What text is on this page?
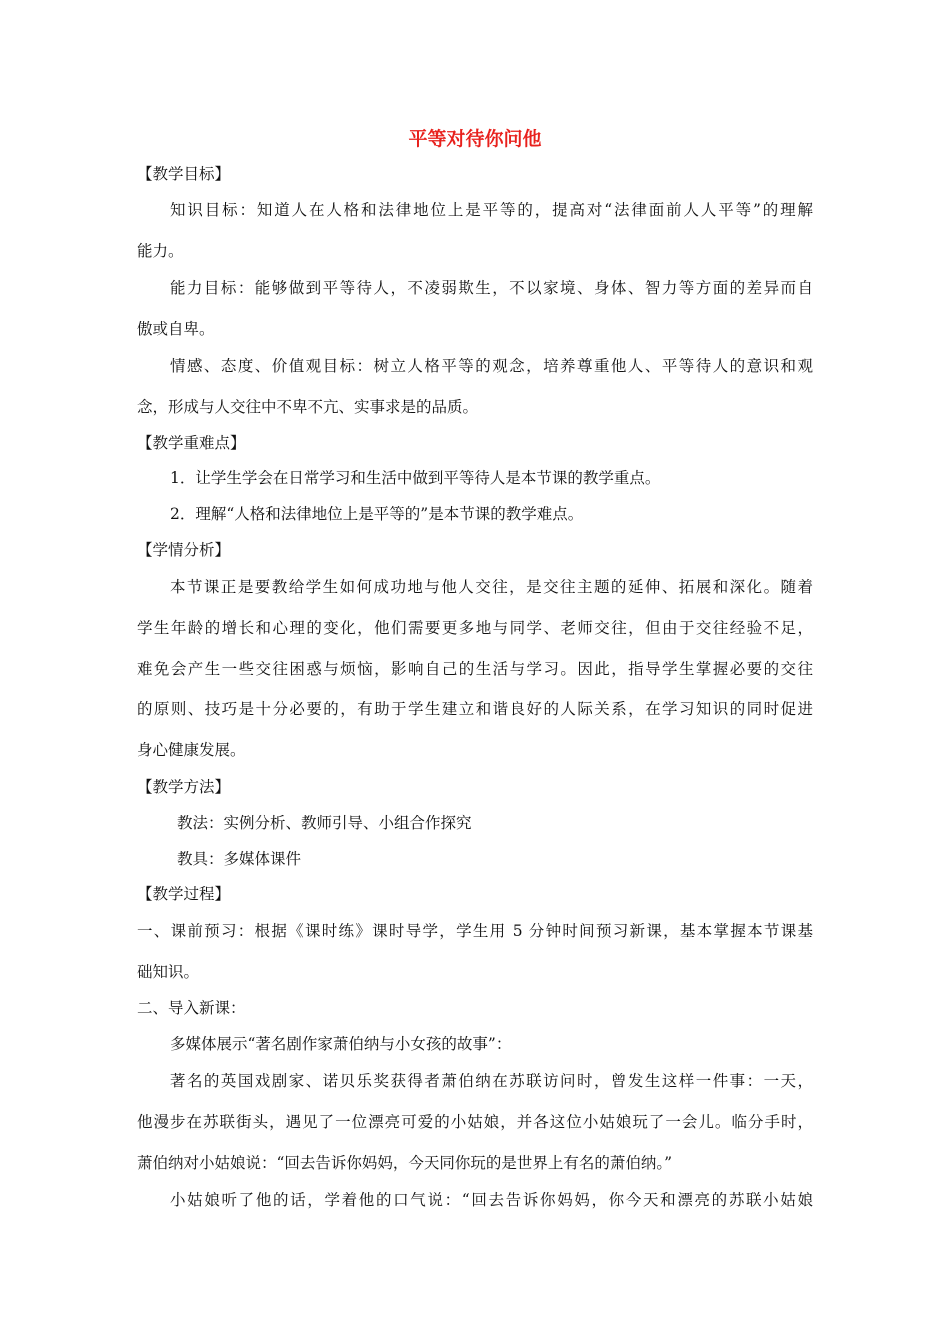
平等对待你问他
【教学目标】
知识目标：知道人在人格和法律地位上是平等的，提高对“法律面前人人平等”的理解
能力。
能力目标：能够做到平等待人，不凌弱欺生，不以家境、身体、智力等方面的差异而自
傲或自卑。
情感、态度、价值观目标：树立人格平等的观念，培养尊重他人、平等待人的意识和观
念，形成与人交往中不卑不亢、实事求是的品质。
【教学重难点】
1．让学生学会在日常学习和生活中做到平等待人是本节课的教学重点。
2．理解“人格和法律地位上是平等的”是本节课的教学难点。
【学情分析】
本节课正是要教给学生如何成功地与他人交往，是交往主题的延伸、拓展和深化。随着
学生年龄的增长和心理的变化，他们需要更多地与同学、老师交往，但由于交往经验不足，
难免会产生一些交往困惑与烦恼，影响自己的生活与学习。因此，指导学生掌握必要的交往
的原则、技巧是十分必要的，有助于学生建立和谐良好的人际关系，在学习知识的同时促进
身心健康发展。
【教学方法】
教法：实例分析、教师引导、小组合作探究
教具：多媒体课件
【教学过程】
一、课前预习：根据《课时练》课时导学，学生用 5 分钟时间预习新课，基本掌握本节课基
础知识。
二、导入新课：
多媒体展示“著名剧作家萧伯纳与小女孩的故事”：
著名的英国戏剧家、诺贝乐奖获得者萧伯纳在苏联访问时，曾发生这样一件事：一天，
他漫步在苏联街头，遇见了一位漂亮可爱的小姑娘，并各这位小姑娘玩了一会儿。临分手时，
萧伯纳对小姑娘说：“回去告诉你妈妈，今天同你玩的是世界上有名的萧伯纳。”
小姑娘听了他的话，学着他的口气说：“回去告诉你妈妈，你今天和漂亮的苏联小姑娘
